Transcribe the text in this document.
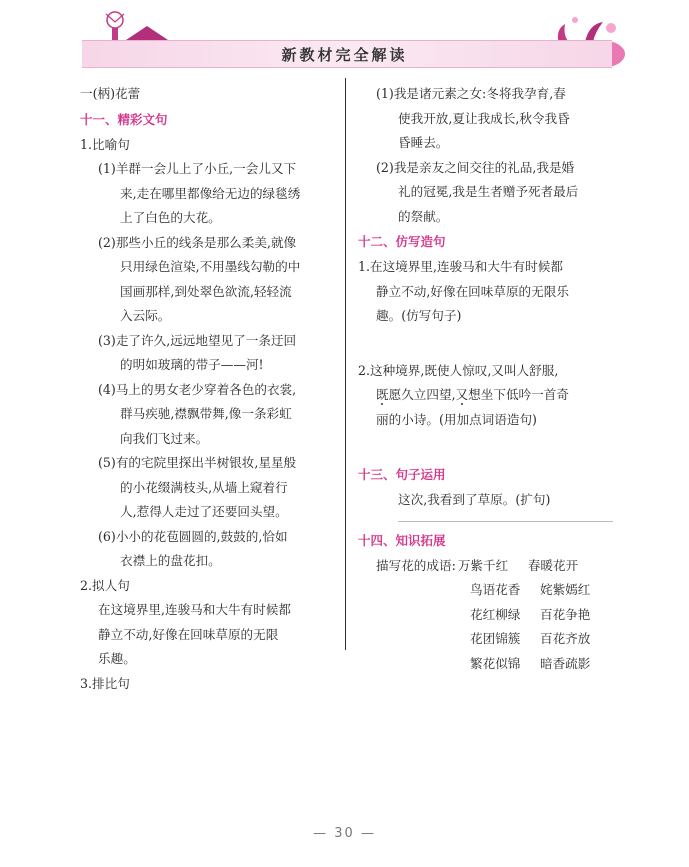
新教材完全解读
一(柄)花蕾
十一、精彩文句
1.比喻句
(1)羊群一会儿上了小丘,一会儿又下
来,走在哪里都像给无边的绿毯绣
上了白色的大花。
(2)那些小丘的线条是那么柔美,就像
只用绿色渲染,不用墨线勾勒的中
国画那样,到处翠色欲流,轻轻流
入云际。
(3)走了许久,远远地望见了一条迂回
的明如玻璃的带子——河!
(4)马上的男女老少穿着各色的衣裳,
群马疾驰,襟飘带舞,像一条彩虹
向我们飞过来。
(5)有的宅院里探出半树银妆,星星般
的小花缀满枝头,从墙上窥着行
人,惹得人走过了还要回头望。
(6)小小的花苞圆圆的,鼓鼓的,恰如
衣襟上的盘花扣。
2.拟人句
在这境界里,连骏马和大牛有时候都
静立不动,好像在回味草原的无限
乐趣。
3.排比句
(1)我是诸元素之女:冬将我孕育,春
使我开放,夏让我成长,秋令我昏
昏睡去。
(2)我是亲友之间交往的礼品,我是婚
礼的冠冕,我是生者赠予死者最后
的祭献。
十二、仿写造句
1.在这境界里,连骏马和大牛有时候都
静立不动,好像在回味草原的无限乐
趣。(仿写句子)
2.这种境界,既使人惊叹,又叫人舒服,
既愿久立四望,又想坐下低吟一首奇
丽的小诗。(用加点词语造句)
十三、句子运用
这次,我看到了草原。(扩句)
十四、知识拓展
描写花的成语: 万紫千红	春暖花开
鸟语花香	姹紫嫣红
花红柳绿	百花争艳
花团锦簇	百花齐放
繁花似锦	暗香疏影
— 30 —
